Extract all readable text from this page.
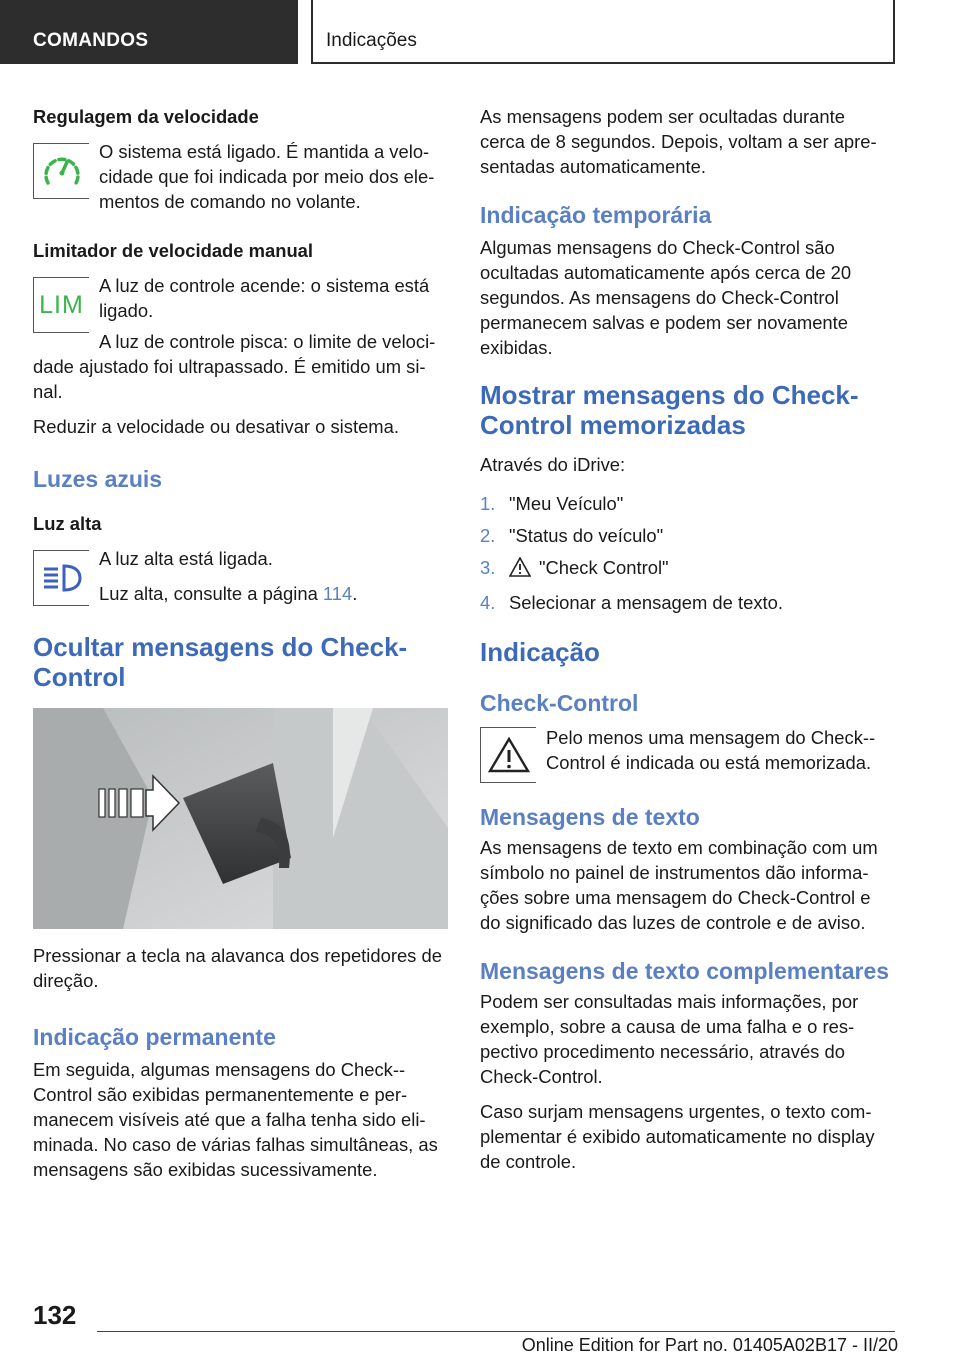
COMANDOS	Indicações
Regulagem da velocidade
O sistema está ligado. É mantida a velo-cidade que foi indicada por meio dos ele-mentos de comando no volante.
Limitador de velocidade manual
LIM

A luz de controle acende: o sistema está ligado.

A luz de controle pisca: o limite de veloci-dade ajustado foi ultrapassado. É emitido um si-nal.

Reduzir a velocidade ou desativar o sistema.

Luzes azuis
Luz alta

A luz alta está ligada.

Luz alta, consulte a página 114.

Ocultar mensagens do Check-Control

Pressionar a tecla na alavanca dos repetidores de direção.

Indicação permanente

Em seguida, algumas mensagens do Check--Control são exibidas permanentemente e per-manecem visíveis até que a falha tenha sido eli-minada. No caso de várias falhas simultâneas, as mensagens são exibidas sucessivamente.

As mensagens podem ser ocultadas durante cerca de 8 segundos. Depois, voltam a ser apre-sentadas automaticamente.

Indicação temporária

Algumas mensagens do Check-Control são ocultadas automaticamente após cerca de 20 segundos. As mensagens do Check-Control permanecem salvas e podem ser novamente exibidas.

Mostrar mensagens do Check-Control memorizadas

Através do iDrive:

1. "Meu Veículo"
2. "Status do veículo"
3. "Check Control"
4. Selecionar a mensagem de texto.
Indicação
Check-Control
Pelo menos uma mensagem do Check--Control é indicada ou está memorizada.
Mensagens de texto

As mensagens de texto em combinação com um símbolo no painel de instrumentos dão informa-ções sobre uma mensagem do Check-Control e do significado das luzes de controle e de aviso.

Mensagens de texto complementares

Podem ser consultadas mais informações, por exemplo, sobre a causa de uma falha e o res-pectivo procedimento necessário, através do Check-Control.

Caso surjam mensagens urgentes, o texto com-plementar é exibido automaticamente no display de controle.

132
Online Edition for Part no. 01405A02B17 - II/20
